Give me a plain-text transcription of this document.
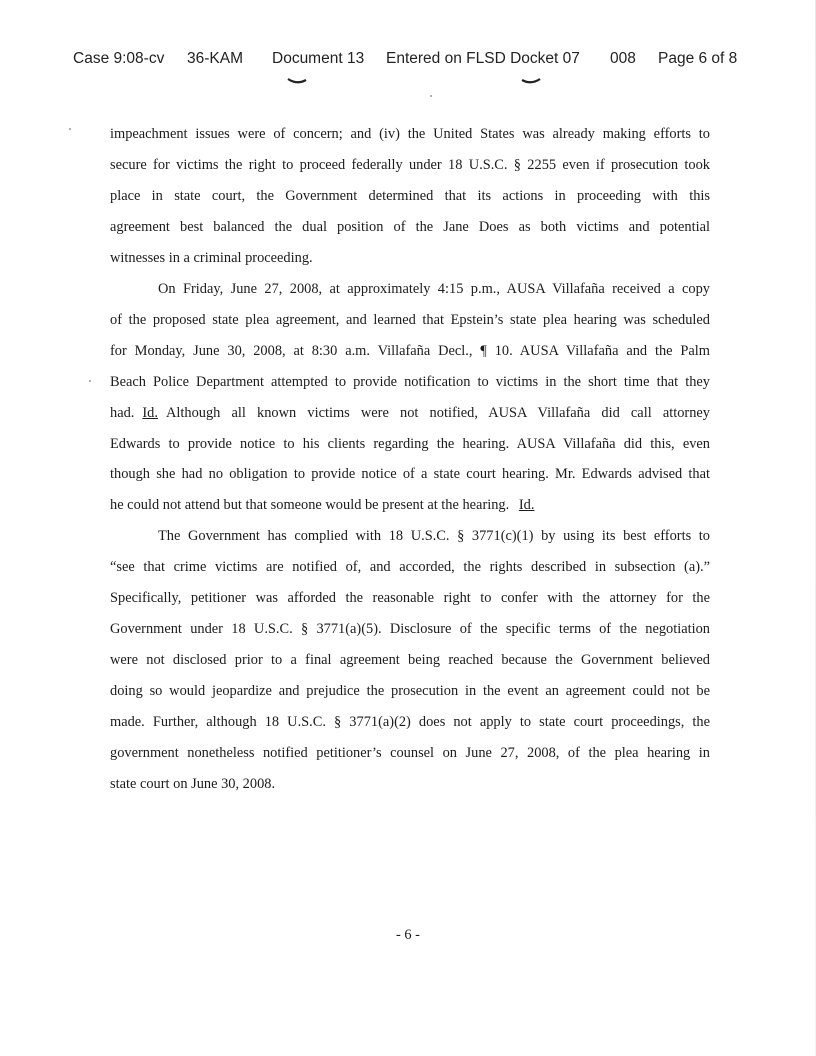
Case 9:08-cv 36-KAM Document 13 Entered on FLSD Docket 07 008 Page 6 of 8

impeachment issues were of concern; and (iv) the United States was already making efforts to
secure for victims the right to proceed federally under 18 U.S.C. § 2255 even if prosecution took
place in state court, the Government determined that its actions in proceeding with this
agreement best balanced the dual position of the Jane Does as both victims and potential
witnesses in a criminal proceeding.

On Friday, June 27, 2008, at approximately 4:15 p.m., AUSA Villafaña received a copy
of the proposed state plea agreement, and learned that Epstein’s state plea hearing was scheduled
for Monday, June 30, 2008, at 8:30 a.m. Villafaña Decl., ¶ 10. AUSA Villafaña and the Palm
Beach Police Department attempted to provide notification to victims in the short time that they
had. Id. Although all known victims were not notified, AUSA Villafaña did call attorney
Edwards to provide notice to his clients regarding the hearing. AUSA Villafaña did this, even
though she had no obligation to provide notice of a state court hearing. Mr. Edwards advised that
he could not attend but that someone would be present at the hearing. Id.

The Government has complied with 18 U.S.C. § 3771(c)(1) by using its best efforts to
“see that crime victims are notified of, and accorded, the rights described in subsection (a).”
Specifically, petitioner was afforded the reasonable right to confer with the attorney for the
Government under 18 U.S.C. § 3771(a)(5). Disclosure of the specific terms of the negotiation
were not disclosed prior to a final agreement being reached because the Government believed
doing so would jeopardize and prejudice the prosecution in the event an agreement could not be
made. Further, although 18 U.S.C. § 3771(a)(2) does not apply to state court proceedings, the
government nonetheless notified petitioner’s counsel on June 27, 2008, of the plea hearing in
state court on June 30, 2008.

- 6 -
